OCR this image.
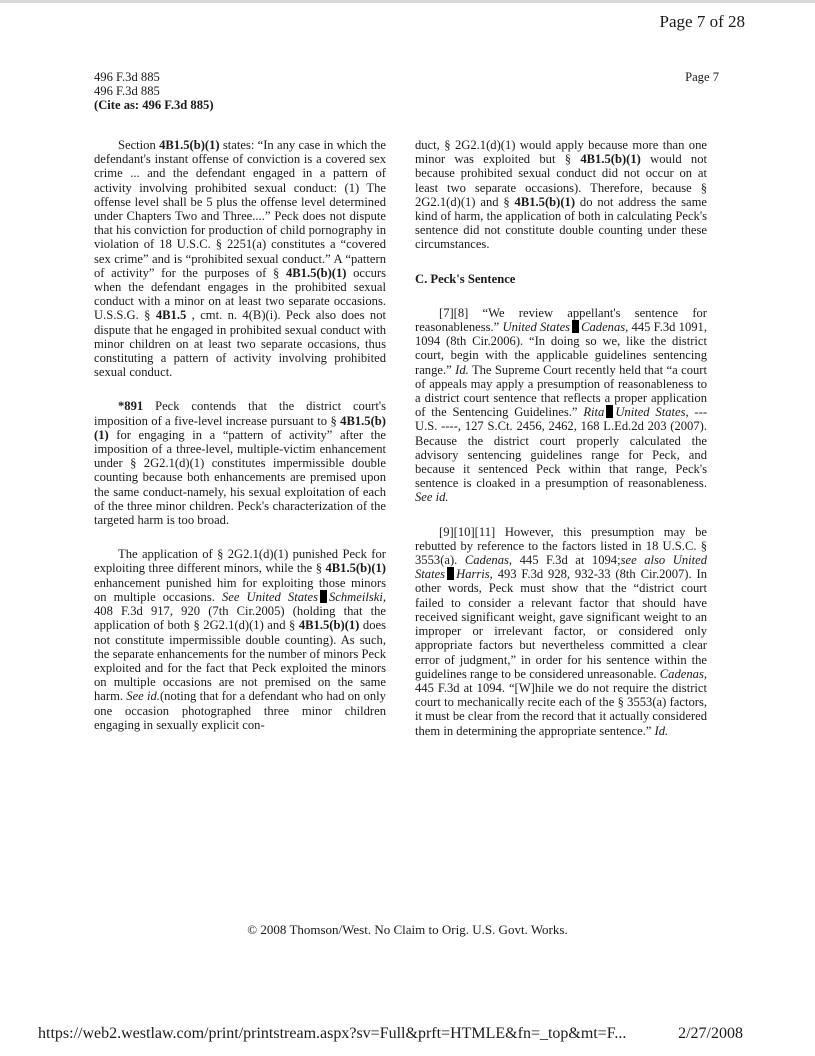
Page 7 of 28
496 F.3d 885
496 F.3d 885
(Cite as: 496 F.3d 885)
Page 7

Section 4B1.5(b)(1) states: “In any case in which the defendant's instant offense of conviction is a covered sex crime ... and the defendant engaged in a pattern of activity involving prohibited sexual conduct: (1) The offense level shall be 5 plus the offense level determined under Chapters Two and Three....” Peck does not dispute that his conviction for production of child pornography in violation of 18 U.S.C. § 2251(a) constitutes a “covered sex crime” and is “prohibited sexual conduct.” A “pattern of activity” for the purposes of § 4B1.5(b)(1) occurs when the defendant engages in the prohibited sexual conduct with a minor on at least two separate occasions. U.S.S.G. § 4B1.5 , cmt. n. 4(B)(i). Peck also does not dispute that he engaged in prohibited sexual conduct with minor children on at least two separate occasions, thus constituting a pattern of activity involving prohibited sexual conduct.

*891 Peck contends that the district court's imposition of a five-level increase pursuant to § 4B1.5(b)(1) for engaging in a “pattern of activity” after the imposition of a three-level, multiple-victim enhancement under § 2G2.1(d)(1) constitutes impermissible double counting because both enhancements are premised upon the same conduct-namely, his sexual exploitation of each of the three minor children. Peck's characterization of the targeted harm is too broad.

The application of § 2G2.1(d)(1) punished Peck for exploiting three different minors, while the § 4B1.5(b)(1) enhancement punished him for exploiting those minors on multiple occasions. See United States Schmeilski, 408 F.3d 917, 920 (7th Cir.2005) (holding that the application of both § 2G2.1(d)(1) and § 4B1.5(b)(1) does not constitute impermissible double counting). As such, the separate enhancements for the number of minors Peck exploited and for the fact that Peck exploited the minors on multiple occasions are not premised on the same harm. See id.(noting that for a defendant who had on only one occasion photographed three minor children engaging in sexually explicit con-

duct, § 2G2.1(d)(1) would apply because more than one minor was exploited but § 4B1.5(b)(1) would not because prohibited sexual conduct did not occur on at least two separate occasions). Therefore, because § 2G2.1(d)(1) and § 4B1.5(b)(1) do not address the same kind of harm, the application of both in calculating Peck's sentence did not constitute double counting under these circumstances.

C. Peck's Sentence

[7][8] “We review appellant's sentence for reasonableness.” United States Cadenas, 445 F.3d 1091, 1094 (8th Cir.2006). “In doing so we, like the district court, begin with the applicable guidelines sentencing range.” Id. The Supreme Court recently held that “a court of appeals may apply a presumption of reasonableness to a district court sentence that reflects a proper application of the Sentencing Guidelines.” Rita United States, --- U.S. ----, 127 S.Ct. 2456, 2462, 168 L.Ed.2d 203 (2007). Because the district court properly calculated the advisory sentencing guidelines range for Peck, and because it sentenced Peck within that range, Peck's sentence is cloaked in a presumption of reasonableness. See id.

[9][10][11] However, this presumption may be rebutted by reference to the factors listed in 18 U.S.C. § 3553(a). Cadenas, 445 F.3d at 1094;see also United States Harris, 493 F.3d 928, 932-33 (8th Cir.2007). In other words, Peck must show that the “district court failed to consider a relevant factor that should have received significant weight, gave significant weight to an improper or irrelevant factor, or considered only appropriate factors but nevertheless committed a clear error of judgment,” in order for his sentence within the guidelines range to be considered unreasonable. Cadenas, 445 F.3d at 1094. “[W]hile we do not require the district court to mechanically recite each of the § 3553(a) factors, it must be clear from the record that it actually considered them in determining the appropriate sentence.” Id.

© 2008 Thomson/West. No Claim to Orig. U.S. Govt. Works.
https://web2.westlaw.com/print/printstream.aspx?sv=Full&prft=HTMLE&fn=_top&mt=F...	2/27/2008
